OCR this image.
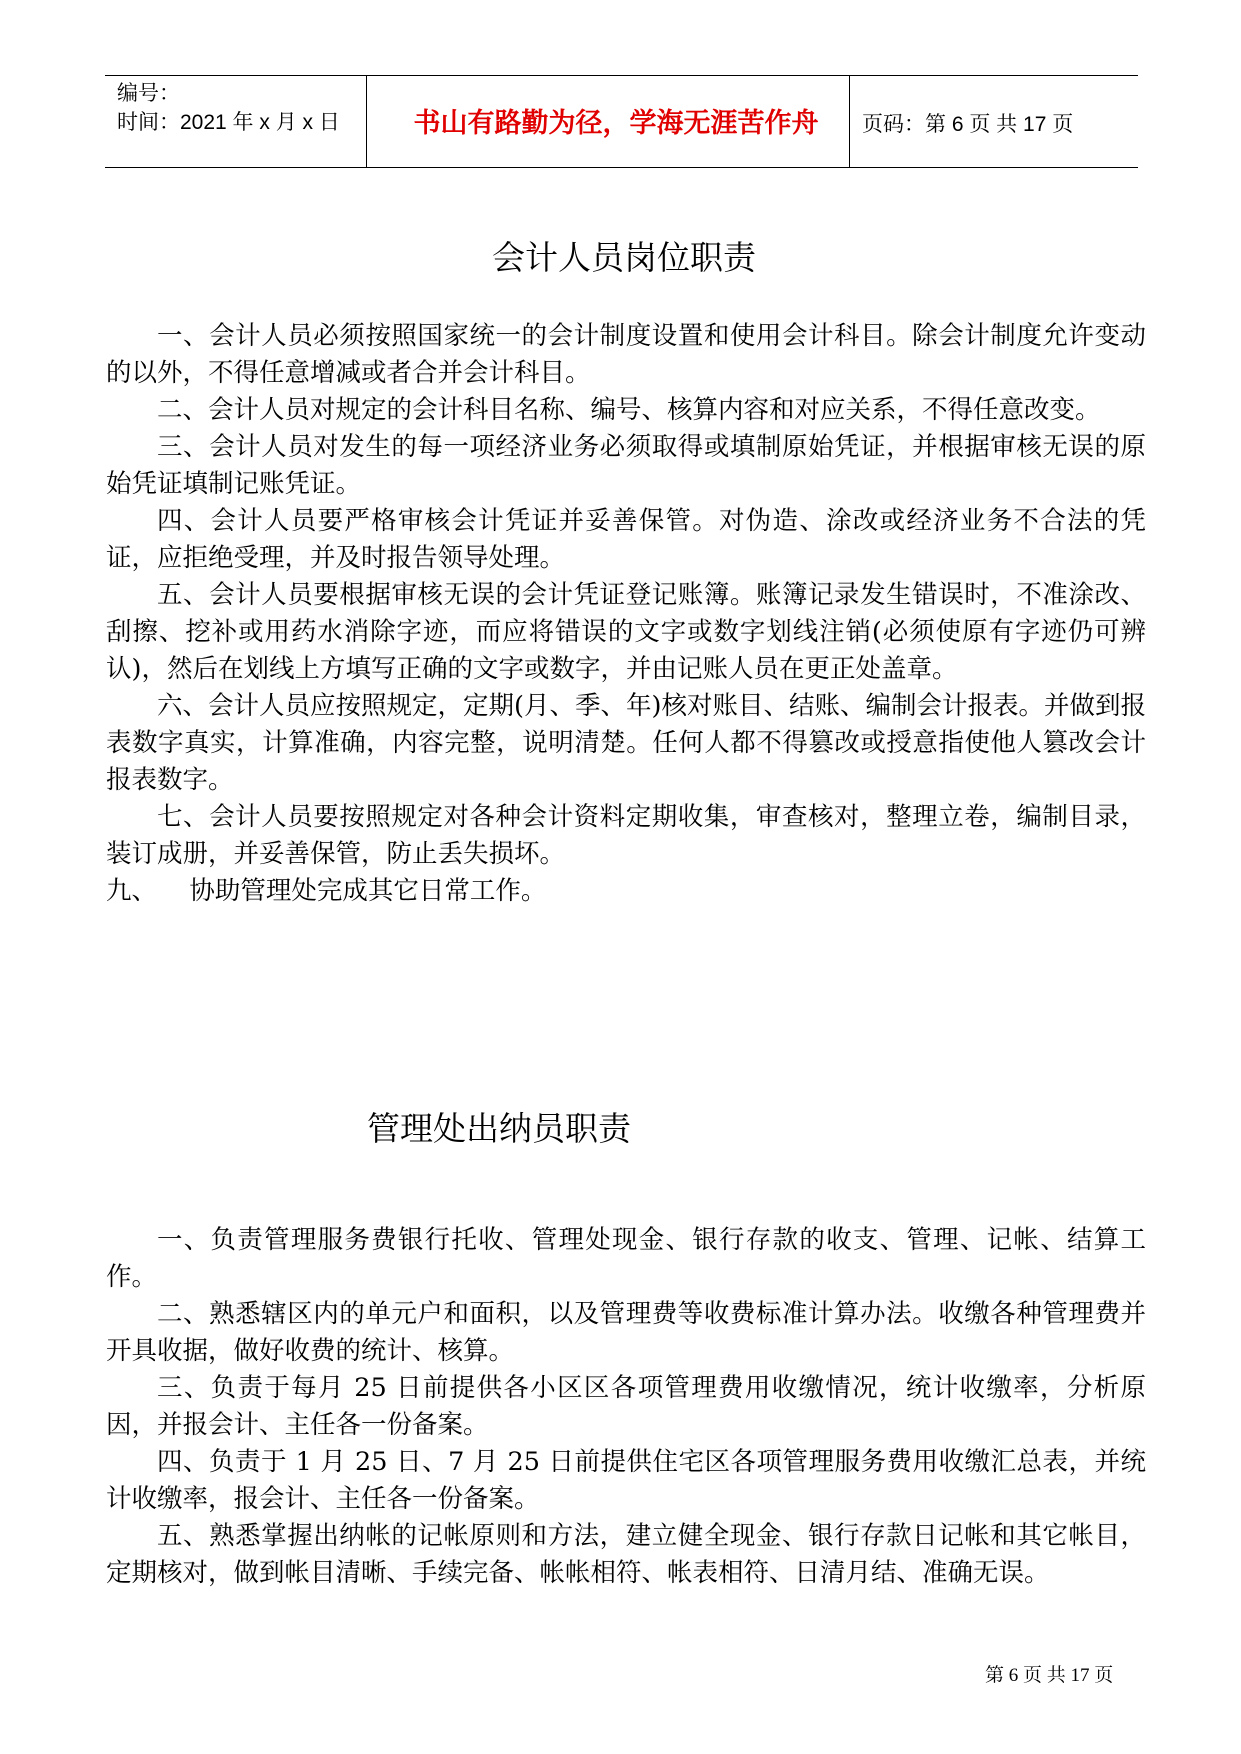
编号：
时间：2021 年 x 月 x 日	书山有路勤为径，学海无涯苦作舟	页码：第 6 页 共 17 页
会计人员岗位职责

一、会计人员必须按照国家统一的会计制度设置和使用会计科目。除会计制度允许变动的以外，不得任意增减或者合并会计科目。

二、会计人员对规定的会计科目名称、编号、核算内容和对应关系，不得任意改变。

三、会计人员对发生的每一项经济业务必须取得或填制原始凭证，并根据审核无误的原始凭证填制记账凭证。

四、会计人员要严格审核会计凭证并妥善保管。对伪造、涂改或经济业务不合法的凭证，应拒绝受理，并及时报告领导处理。

五、会计人员要根据审核无误的会计凭证登记账簿。账簿记录发生错误时，不准涂改、刮擦、挖补或用药水消除字迹，而应将错误的文字或数字划线注销(必须使原有字迹仍可辨认)，然后在划线上方填写正确的文字或数字，并由记账人员在更正处盖章。

六、会计人员应按照规定，定期(月、季、年)核对账目、结账、编制会计报表。并做到报表数字真实，计算准确，内容完整，说明清楚。任何人都不得篡改或授意指使他人篡改会计报表数字。

七、会计人员要按照规定对各种会计资料定期收集，审查核对，整理立卷，编制目录，装订成册，并妥善保管，防止丢失损坏。

九、    协助管理处完成其它日常工作。

管理处出纳员职责

一、负责管理服务费银行托收、管理处现金、银行存款的收支、管理、记帐、结算工作。

二、熟悉辖区内的单元户和面积，以及管理费等收费标准计算办法。收缴各种管理费并开具收据，做好收费的统计、核算。

三、负责于每月 25 日前提供各小区区各项管理费用收缴情况，统计收缴率，分析原因，并报会计、主任各一份备案。

四、负责于 1 月 25 日、7 月 25 日前提供住宅区各项管理服务费用收缴汇总表，并统计收缴率，报会计、主任各一份备案。

五、熟悉掌握出纳帐的记帐原则和方法，建立健全现金、银行存款日记帐和其它帐目，定期核对，做到帐目清晰、手续完备、帐帐相符、帐表相符、日清月结、准确无误。

第 6 页 共 17 页
